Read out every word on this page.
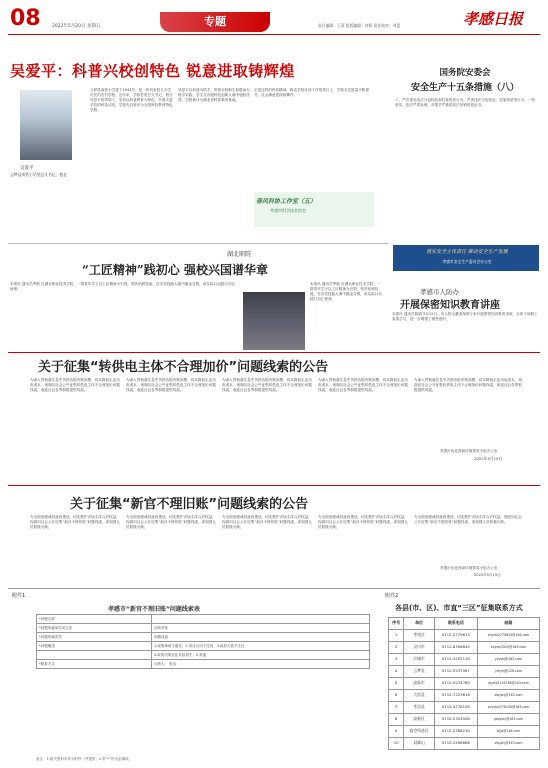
08	2022年5月20日 星期五	专题	责任编辑：王莱 组版编辑：何阳 责任校对：刘蕾	孝感日报
吴爱平：科普兴校创特色 锐意进取铸辉煌
吴爱平
云梦县南管小学党总支书记、校长
云梦县南管小学建于1942年，是一所具有悠久办学历史的农村学校。近年来，学校在党总支书记、校长吴爱平的带领下，坚持以科普教育为特色，开展丰富多彩的科技活动，学校先后被评为全国科技教育特色学校。
吴爱平以科普为抓手，带领全校师生积极参与科学实践，学生在各级科技创新大赛中屡获佳绩，学校被评为湖北省科普教育基地。
正是这样的科普精神，推动学校各项工作蒸蒸日上，学校办学质量不断提升，社会满意度持续攀升。
春风科协工作室（五）
孝感市科学技术协会
国务院安委会
安全生产十五条措施（八）
八、严厉查处违法分包转包和挂靠资质行为。严查违法分包转包、挂靠资质等行为，一经查实，依法严肃处理，对情节严重的依法吊销资质证书。
落实安全主体责任 推动安全生产发展
孝感市安全生产委员会办公室
湖北职院
“工匠精神”践初心 强校兴国谱华章
本报讯 通讯员罗帆 在湖北职业技术学院，一群青年学子以工匠精神为引领，刻苦钻研技能，在各类技能大赛中摘金夺银，用实际行动践行初心使命。
本报讯 通讯员罗帆 在湖北职业技术学院，一群青年学子以工匠精神为引领，刻苦钻研技能，在各类技能大赛中摘金夺银，用实际行动践行初心使命。
孝感市人防办
开展保密知识教育讲座
本报讯 通讯员陈娟 5月12日，市人防办邀请保密专家开展保密知识教育讲座，全体干部职工参加学习，进一步增强了保密意识。
关于征集“转供电主体不合理加价”问题线索的公告
为深入贯彻落实党中央国务院决策部署，切实降低企业用电成本，现面向社会公开征集转供电主体不合理加价问题线索，欢迎社会各界积极提供线索。
为深入贯彻落实党中央国务院决策部署，切实降低企业用电成本，现面向社会公开征集转供电主体不合理加价问题线索，欢迎社会各界积极提供线索。
为深入贯彻落实党中央国务院决策部署，切实降低企业用电成本，现面向社会公开征集转供电主体不合理加价问题线索，欢迎社会各界积极提供线索。
为深入贯彻落实党中央国务院决策部署，切实降低企业用电成本，现面向社会公开征集转供电主体不合理加价问题线索，欢迎社会各界积极提供线索。
为深入贯彻落实党中央国务院决策部署，切实降低企业用电成本，现面向社会公开征集转供电主体不合理加价问题线索，欢迎社会各界积极提供线索。
孝感市优化营商环境领导小组办公室
2022年5月19日
关于征集“新官不理旧账”问题线索的公告
为全面加强诚信政府建设，切实维护市场主体合法权益，现面向社会公开征集“新官不理旧账”问题线索，请知情人员积极反映。
为全面加强诚信政府建设，切实维护市场主体合法权益，现面向社会公开征集“新官不理旧账”问题线索，请知情人员积极反映。
为全面加强诚信政府建设，切实维护市场主体合法权益，现面向社会公开征集“新官不理旧账”问题线索，请知情人员积极反映。
为全面加强诚信政府建设，切实维护市场主体合法权益，现面向社会公开征集“新官不理旧账”问题线索，请知情人员积极反映。
为全面加强诚信政府建设，切实维护市场主体合法权益，现面向社会公开征集“新官不理旧账”问题线索，请知情人员积极反映。
孝感市优化营商环境领导小组办公室
2022年5月19日
附件1
孝感市“新官不理旧账”问题线索表
*问题名称	
*问题所属单位或主体	反映对象
*问题所属类型	问题线索
*问题概述	1.政策承诺不落实；2.项目合同不兑现；3.政府欠款不支付
	4.政府决策变化导致损失；5.其他
*联系方式	反映人： 电话：
备注：1.相关资料可作为附件一并提供；2.带“*”的为必填项。
附件2
各县(市、区)、市直“三区”征集联系方式
序号	单位	联系电话	邮箱
1	孝南区	0712-2779613	xnyshj2779613@126.com
2	汉川市	0712-8396845	hcyshj2020@163.com
3	应城市	0712-3202118	ycyshj@163.com
4	云梦县	0712-5237067	ymyhj@126.com
5	安陆市	0712-5234780	alyshj5234780@163.com
6	大悟县	0712-7223616	dwyshj@163.com
7	孝昌县	0712-4778126	xcyshj4778126@163.com
8	高新区	0712-2324008	gxqyshj@163.com
9	临空经济区	0712-2788210	lkjjq@126.com
10	双峰山	0712-2496666	sfsyshj@163.com
